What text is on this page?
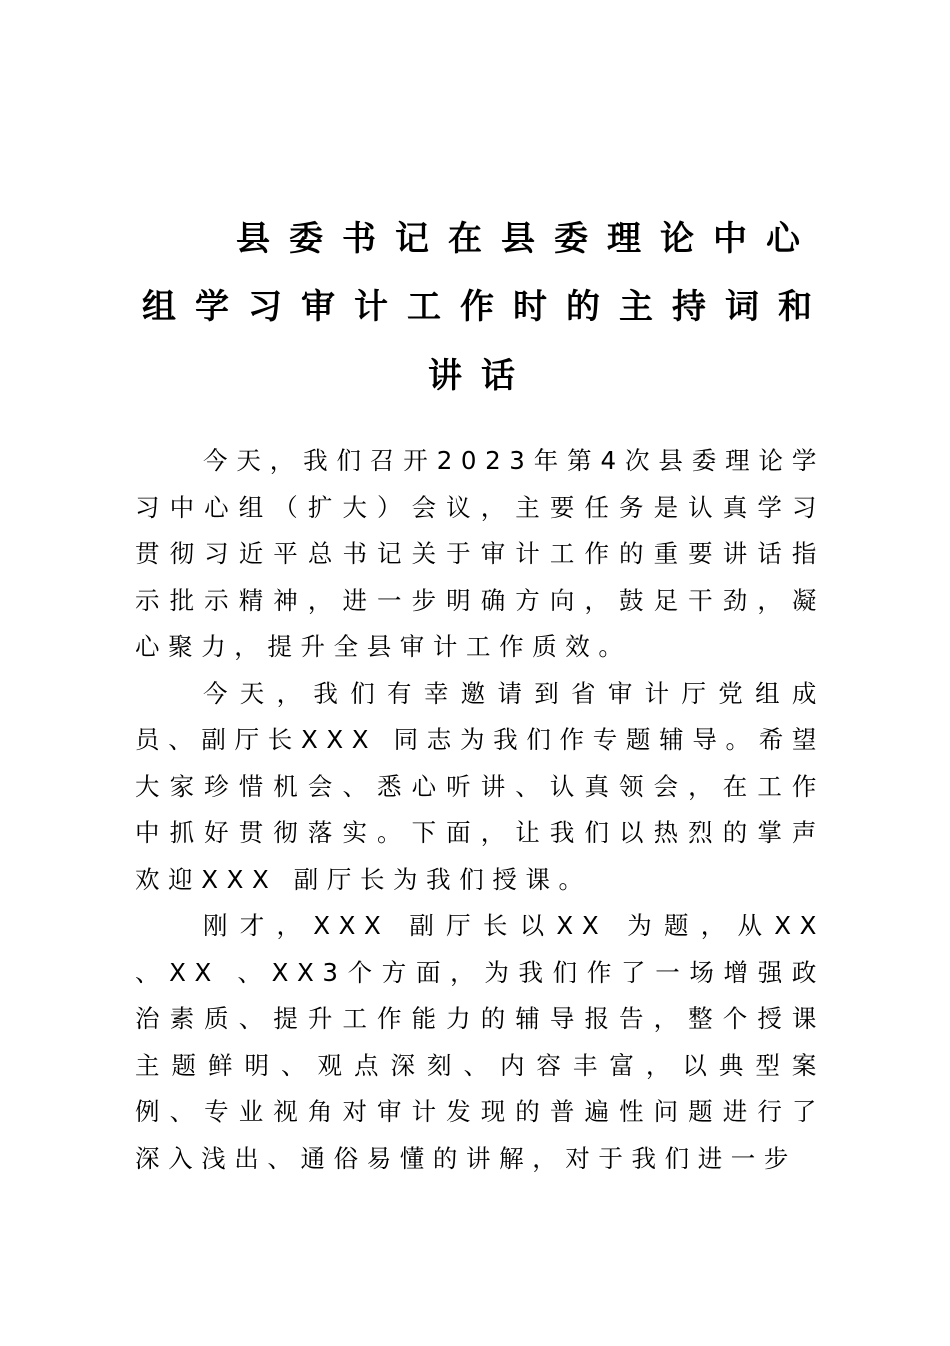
县委书记在县委理论中心
组学习审计工作时的主持词和
讲话

今天，我们召开2023年第4次县委理论学习中心组（扩大）会议，主要任务是认真学习贯彻习近平总书记关于审计工作的重要讲话指示批示精神，进一步明确方向，鼓足干劲，凝心聚力，提升全县审计工作质效。

今天，我们有幸邀请到省审计厅党组成员、副厅长XXX 同志为我们作专题辅导。希望大家珍惜机会、悉心听讲、认真领会，在工作中抓好贯彻落实。下面，让我们以热烈的掌声欢迎XXX 副厅长为我们授课。

刚才，XXX 副厅长以XX 为题，从XX 、XX 、XX3个方面，为我们作了一场增强政治素质、提升工作能力的辅导报告，整个授课主题鲜明、观点深刻、内容丰富，以典型案例、专业视角对审计发现的普遍性问题进行了深入浅出、通俗易懂的讲解，对于我们进一步
